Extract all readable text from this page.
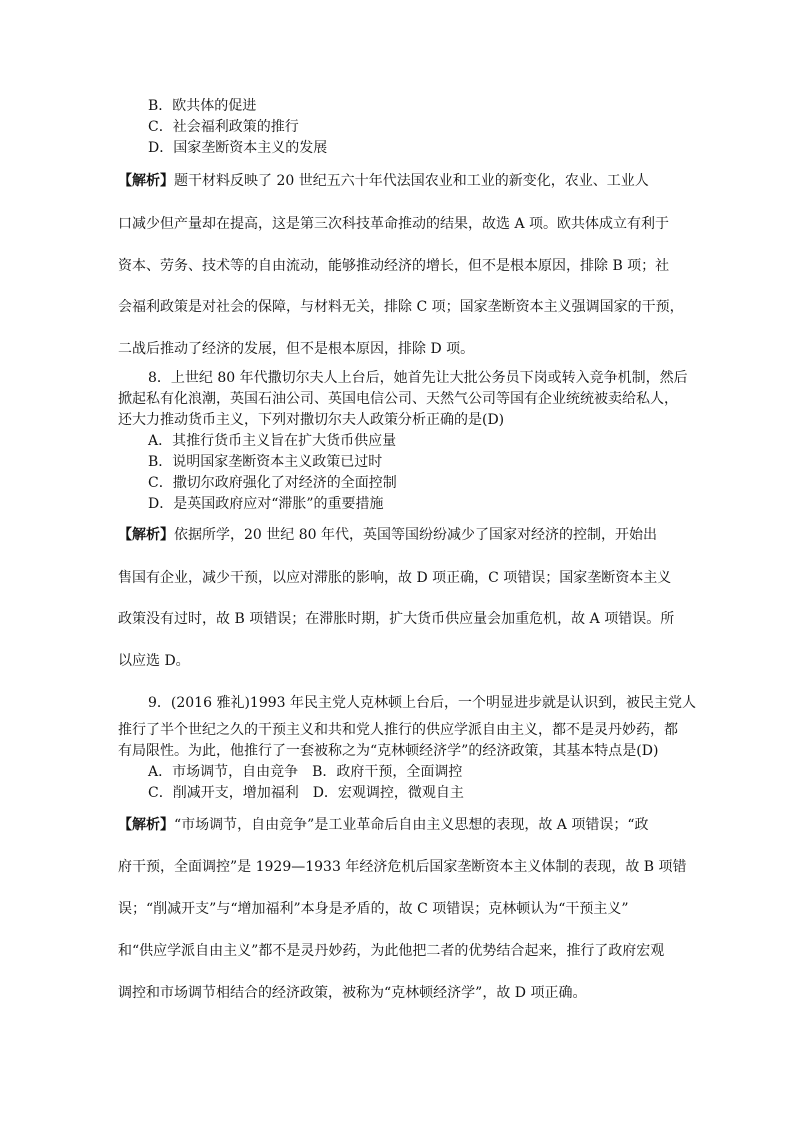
B．欧共体的促进
C．社会福利政策的推行
D．国家垄断资本主义的发展
【解析】题干材料反映了 20 世纪五六十年代法国农业和工业的新变化，农业、工业人
口减少但产量却在提高，这是第三次科技革命推动的结果，故选 A 项。欧共体成立有利于
资本、劳务、技术等的自由流动，能够推动经济的增长，但不是根本原因，排除 B 项；社
会福利政策是对社会的保障，与材料无关，排除 C 项；国家垄断资本主义强调国家的干预，
二战后推动了经济的发展，但不是根本原因，排除 D 项。
8．上世纪 80 年代撒切尔夫人上台后，她首先让大批公务员下岗或转入竞争机制，然后
掀起私有化浪潮，英国石油公司、英国电信公司、天然气公司等国有企业统统被卖给私人，
还大力推动货币主义，下列对撒切尔夫人政策分析正确的是(D)
A．其推行货币主义旨在扩大货币供应量
B．说明国家垄断资本主义政策已过时
C．撒切尔政府强化了对经济的全面控制
D．是英国政府应对“滞胀”的重要措施
【解析】依据所学，20 世纪 80 年代，英国等国纷纷减少了国家对经济的控制，开始出
售国有企业，减少干预，以应对滞胀的影响，故 D 项正确，C 项错误；国家垄断资本主义
政策没有过时，故 B 项错误；在滞胀时期，扩大货币供应量会加重危机，故 A 项错误。所
以应选 D。
9．(2016 雅礼)1993 年民主党人克林顿上台后，一个明显进步就是认识到，被民主党人
推行了半个世纪之久的干预主义和共和党人推行的供应学派自由主义，都不是灵丹妙药，都
有局限性。为此，他推行了一套被称之为“克林顿经济学”的经济政策，其基本特点是(D)
A．市场调节，自由竞争　B．政府干预，全面调控
C．削减开支，增加福利　D．宏观调控，微观自主
【解析】“市场调节，自由竞争”是工业革命后自由主义思想的表现，故 A 项错误；“政
府干预，全面调控”是 1929—1933 年经济危机后国家垄断资本主义体制的表现，故 B 项错
误；“削减开支”与“增加福利”本身是矛盾的，故 C 项错误；克林顿认为“干预主义”
和“供应学派自由主义”都不是灵丹妙药，为此他把二者的优势结合起来，推行了政府宏观
调控和市场调节相结合的经济政策，被称为“克林顿经济学”，故 D 项正确。
